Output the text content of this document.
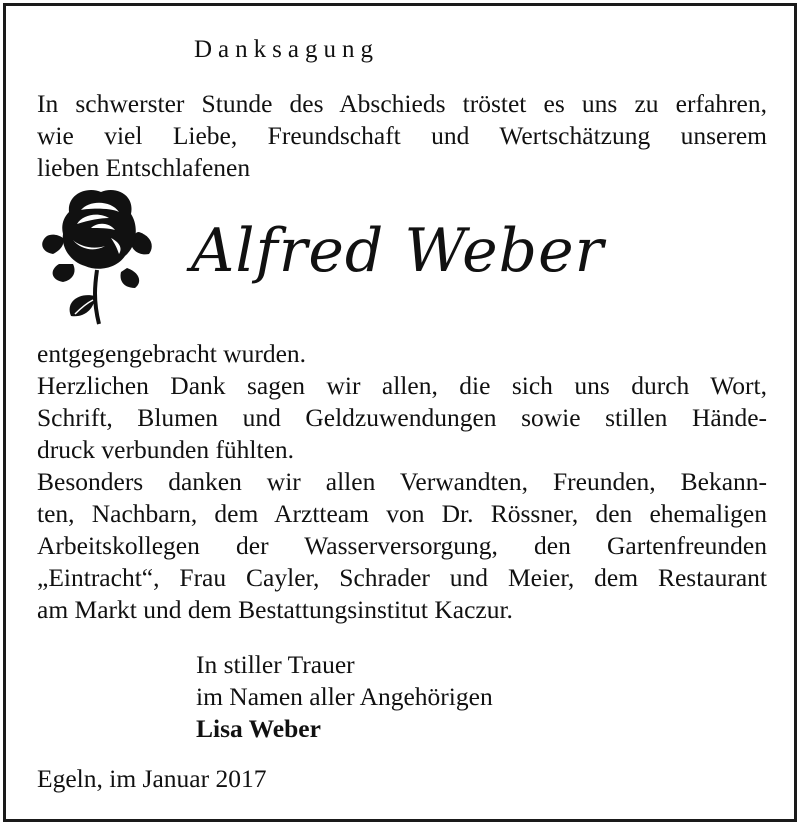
Danksagung

In schwerster Stunde des Abschieds tröstet es uns zu erfahren,

wie viel Liebe, Freundschaft und Wertschätzung unserem

lieben Entschlafenen

Alfred Weber

entgegengebracht wurden.

Herzlichen Dank sagen wir allen, die sich uns durch Wort,

Schrift, Blumen und Geldzuwendungen sowie stillen Hände-

druck verbunden fühlten.

Besonders danken wir allen Verwandten, Freunden, Bekann-

ten, Nachbarn, dem Arztteam von Dr. Rössner, den ehemaligen

Arbeitskollegen der Wasserversorgung, den Gartenfreunden

„Eintracht“, Frau Cayler, Schrader und Meier, dem Restaurant

am Markt und dem Bestattungsinstitut Kaczur.

In stiller Trauer
im Namen aller Angehörigen
Lisa Weber
Egeln, im Januar 2017
